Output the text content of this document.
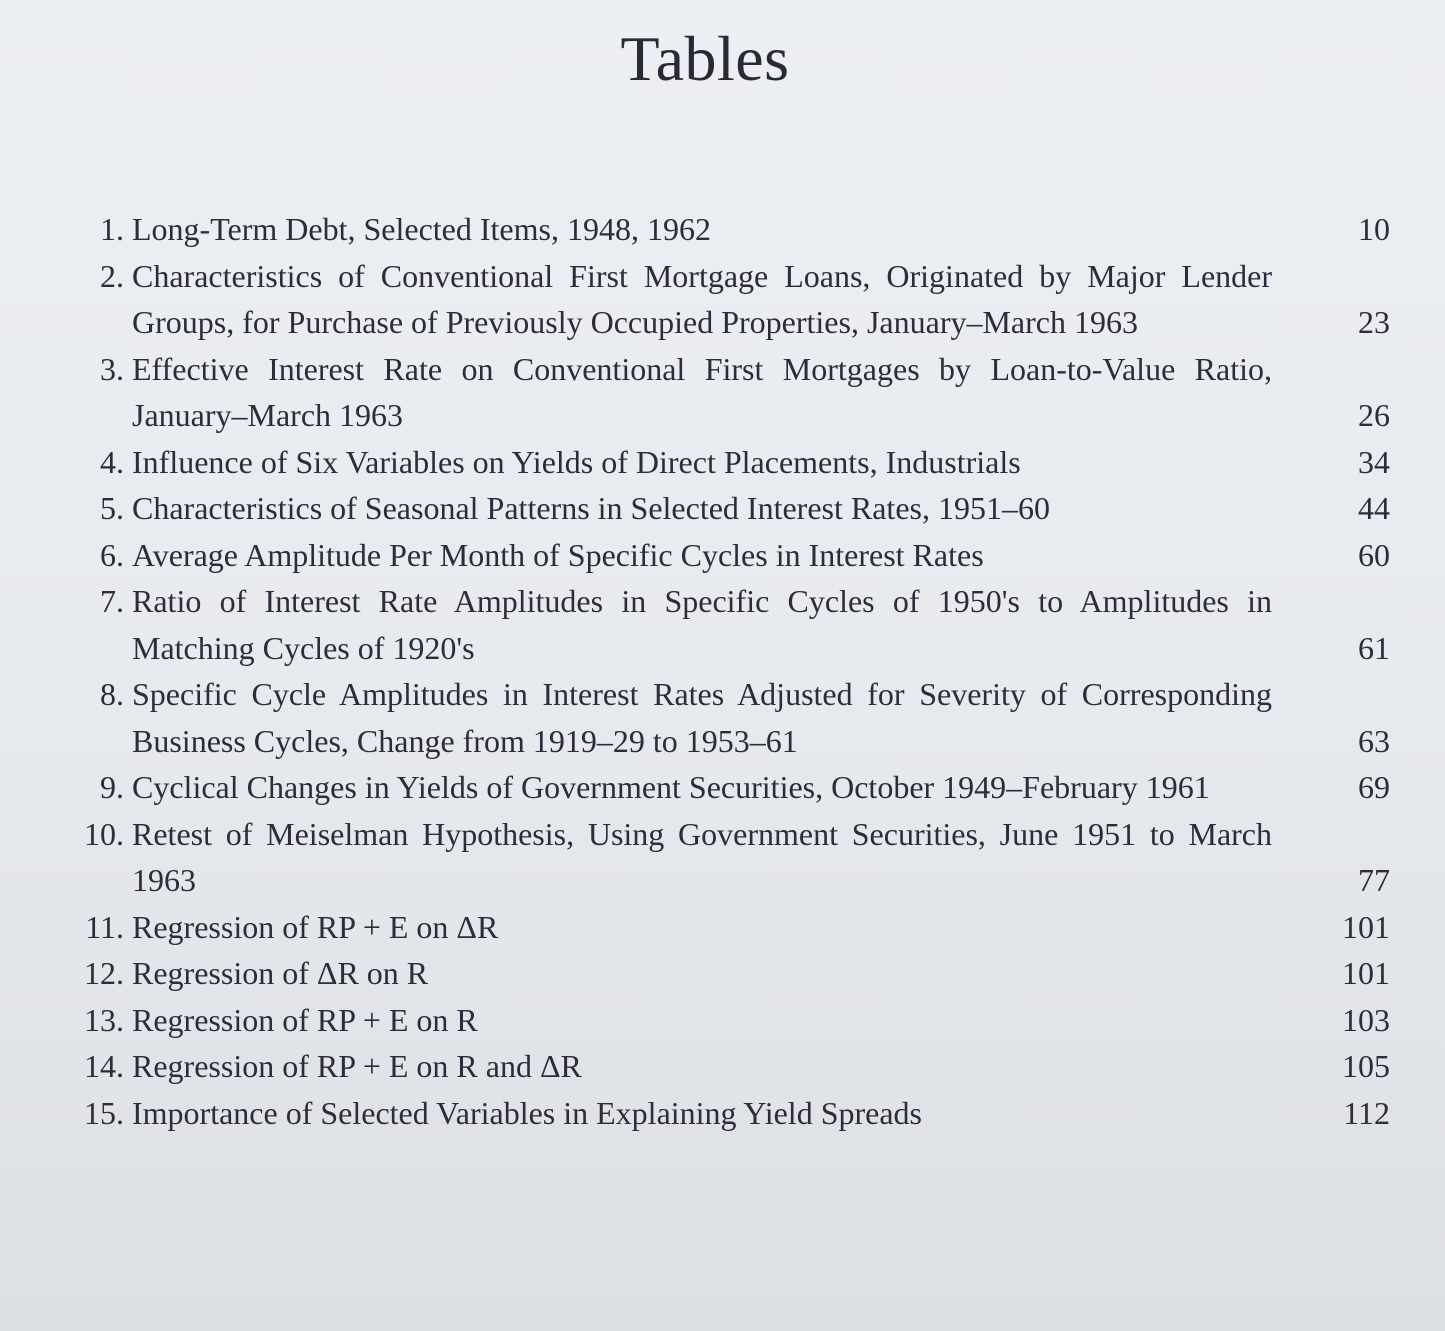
Tables
1. Long-Term Debt, Selected Items, 1948, 1962	10
2. Characteristics of Conventional First Mortgage Loans, Originated by Major Lender Groups, for Purchase of Previously Occupied Properties, January–March 1963	23
3. Effective Interest Rate on Conventional First Mortgages by Loan-to-Value Ratio, January–March 1963	26
4. Influence of Six Variables on Yields of Direct Placements, Industrials	34
5. Characteristics of Seasonal Patterns in Selected Interest Rates, 1951–60	44
6. Average Amplitude Per Month of Specific Cycles in Interest Rates	60
7. Ratio of Interest Rate Amplitudes in Specific Cycles of 1950's to Amplitudes in Matching Cycles of 1920's	61
8. Specific Cycle Amplitudes in Interest Rates Adjusted for Severity of Corresponding Business Cycles, Change from 1919–29 to 1953–61	63
9. Cyclical Changes in Yields of Government Securities, October 1949–February 1961	69
10. Retest of Meiselman Hypothesis, Using Government Securities, June 1951 to March 1963	77
11. Regression of RP + E on ΔR	101
12. Regression of ΔR on R	101
13. Regression of RP + E on R	103
14. Regression of RP + E on R and ΔR	105
15. Importance of Selected Variables in Explaining Yield Spreads	112
